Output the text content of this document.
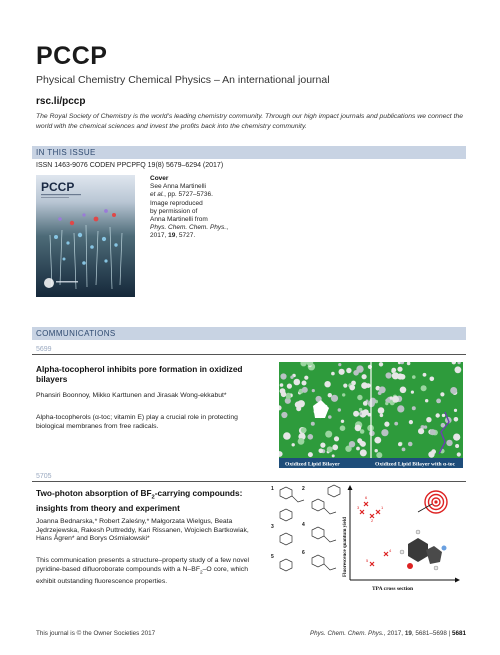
PCCP
Physical Chemistry Chemical Physics – An international journal
rsc.li/pccp
The Royal Society of Chemistry is the world’s leading chemistry community. Through our high impact journals and publications we connect the world with the chemical sciences and invest the profits back into the chemistry community.
IN THIS ISSUE
ISSN 1463-9076 CODEN PPCPFQ 19(8) 5679–6294 (2017)
PCCP
Cover
See Anna Martinelli
et al., pp. 5727–5736.
Image reproduced
by permission of
Anna Martinelli from
Phys. Chem. Chem. Phys.,
2017, 19, 5727.
COMMUNICATIONS
5699
Alpha-tocopherol inhibits pore formation in oxidized bilayers
Phansiri Boonnoy, Mikko Karttunen and Jirasak Wong-ekkabut*
Alpha-tocopherols (α-toc; vitamin E) play a crucial role in protecting biological membranes from free radicals.
Oxidized Lipid Bilayer	Oxidized Lipid Bilayer with α-toc
5705
Two-photon absorption of $BF_2$-carrying compounds: insights from theory and experiment
Joanna Bednarska,* Robert Zaleśny,* Małgorzata Wielgus, Beata Jędrzejewska, Rakesh Puttreddy, Kari Rissanen, Wojciech Bartkowiak, Hans Ågren* and Borys Ośmiałowski*
This communication presents a structure–property study of a few novel pyridine-based difluoroborate compounds with a $N-BF_2-O$ core, which exhibit outstanding fluorescence properties.
1	2
3	4
5
6	Fluorescence quantum yield
TPA cross section
6
3
2
1
4
5
This journal is © the Owner Societies 2017	Phys. Chem. Chem. Phys., 2017, 19, 5681–5698 | 5681
